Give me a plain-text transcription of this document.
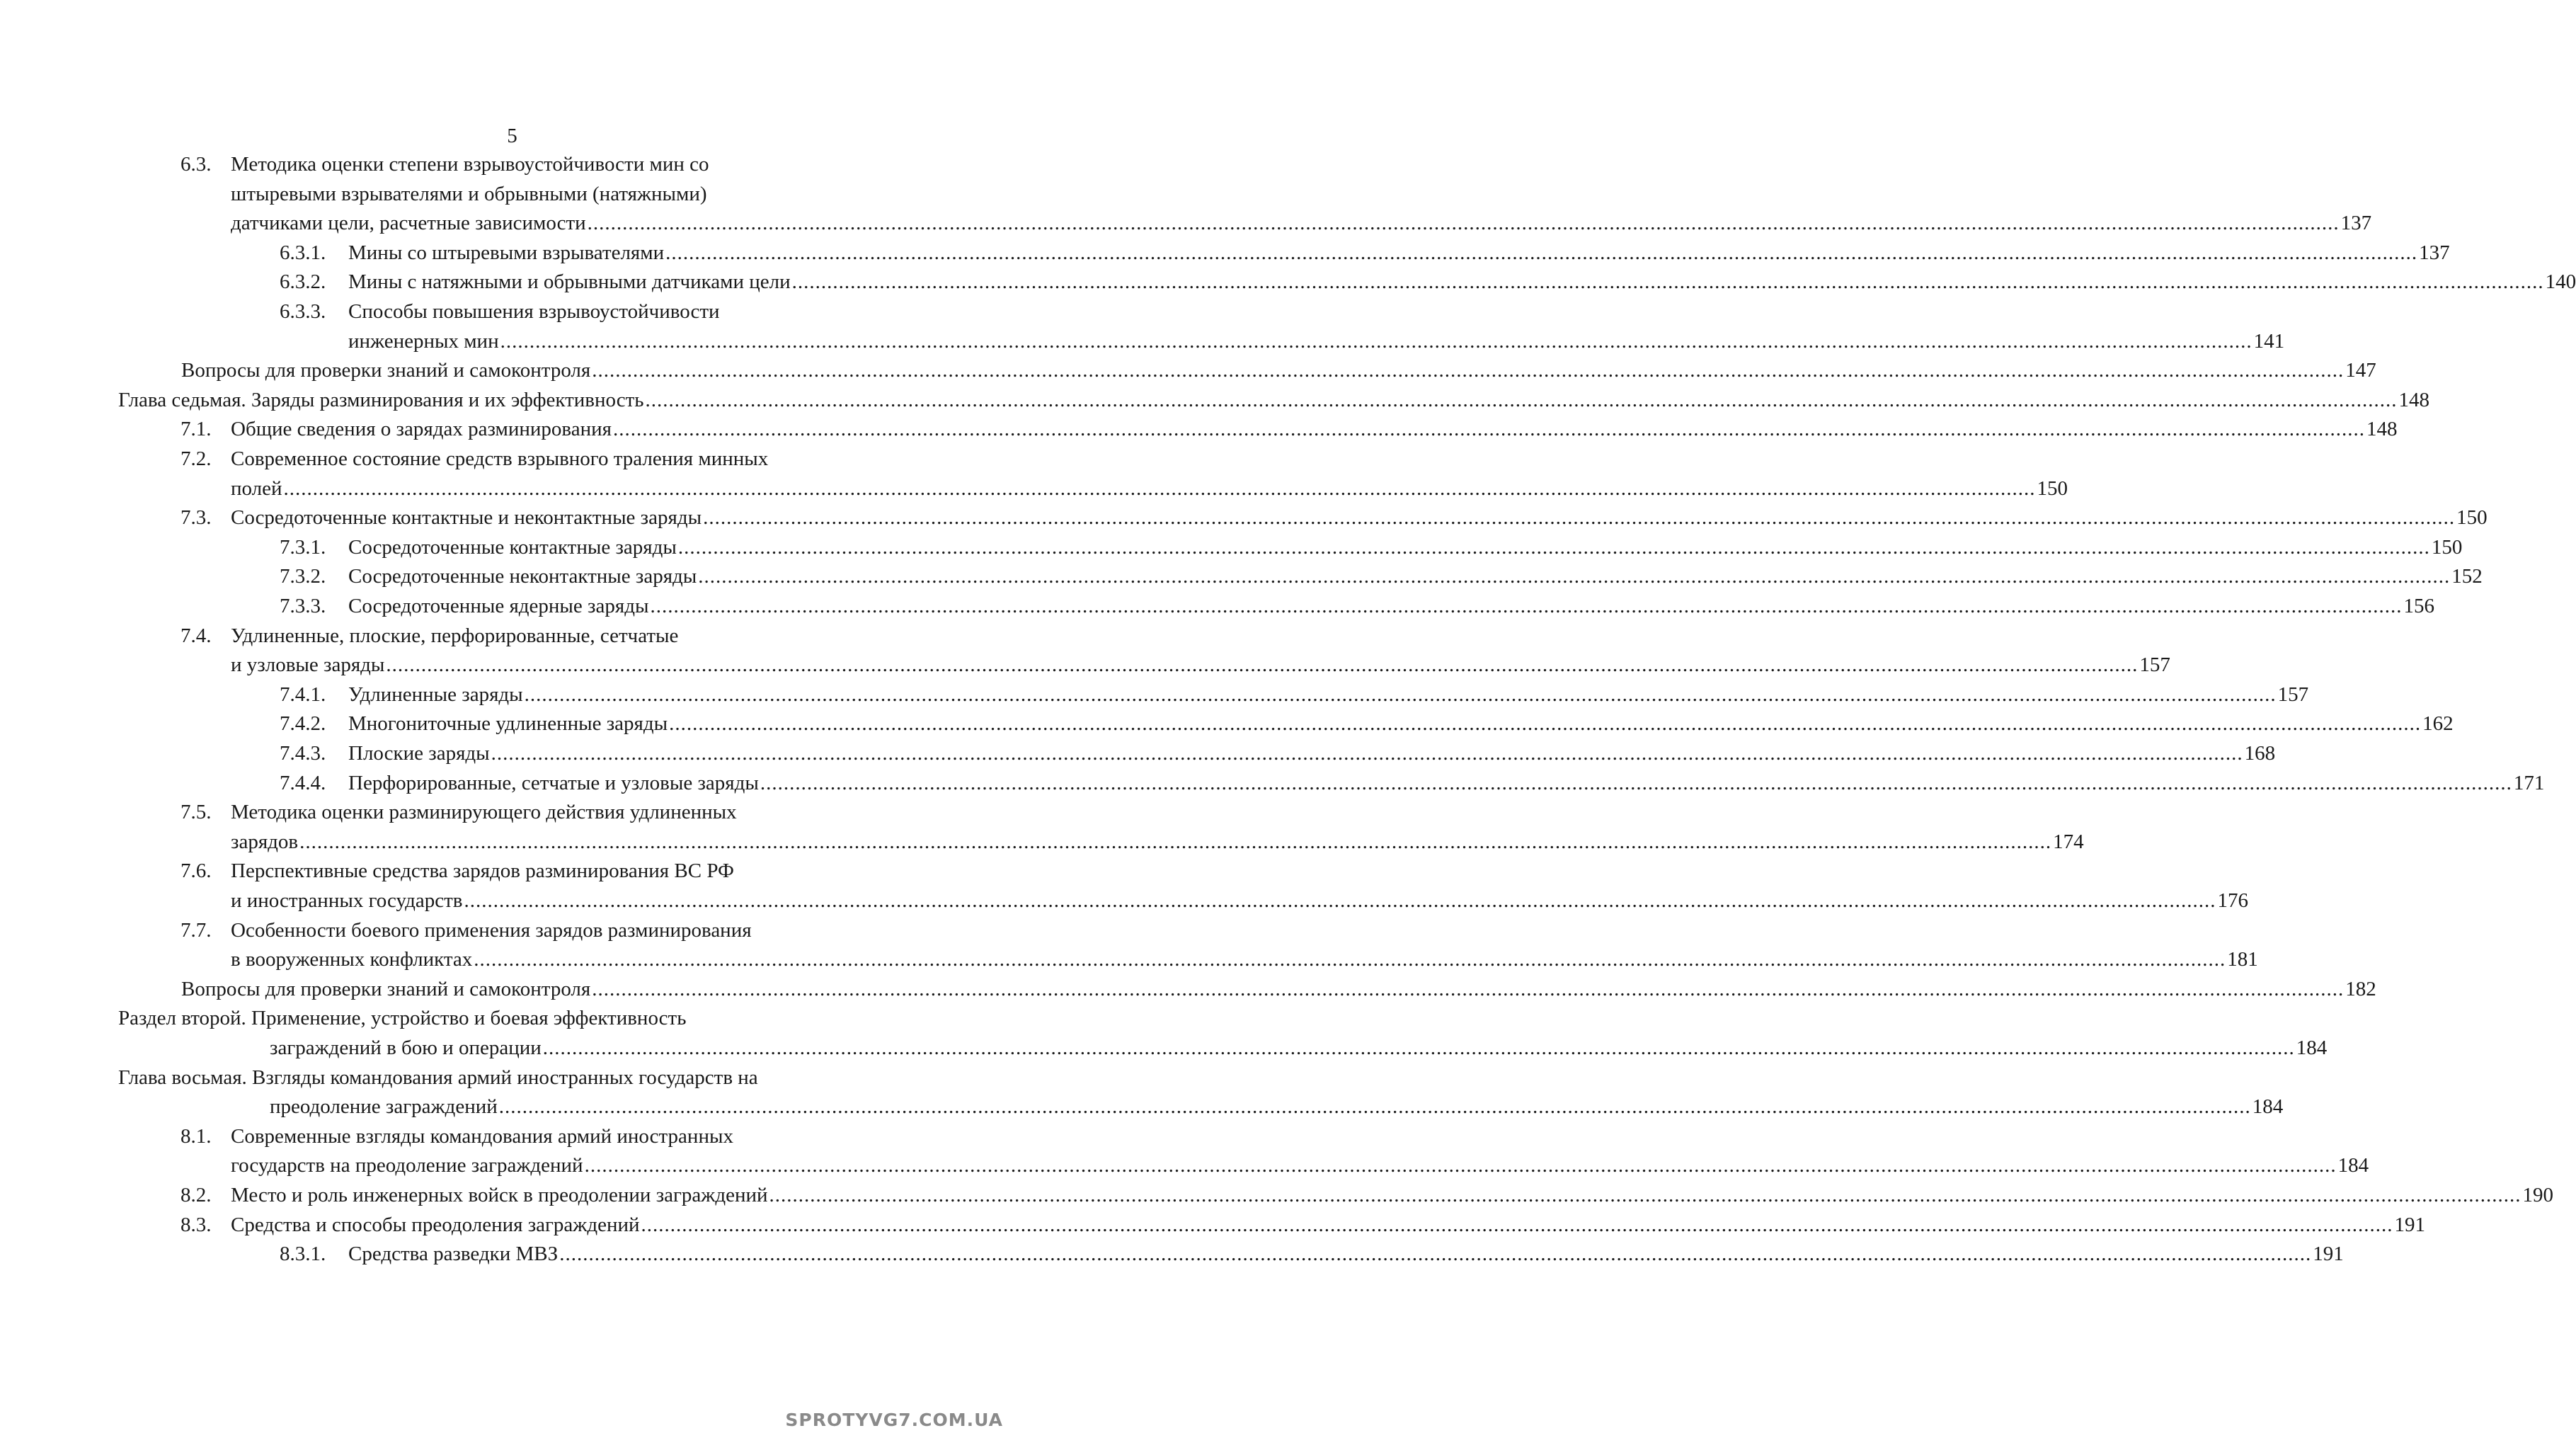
5
6.3. Методика оценки степени взрывоустойчивости мин со
штыревыми взрывателями и обрывными (натяжными)
датчиками цели, расчетные зависимости ............................................................................................................................................................................................................................................................................................................ 137
6.3.1. Мины со штыревыми взрывателями ............................................................................................................................................................................................................................................................................................................ 137
6.3.2. Мины с натяжными и обрывными датчиками цели ............................................................................................................................................................................................................................................................................................................ 140
6.3.3. Способы повышения взрывоустойчивости
инженерных мин ............................................................................................................................................................................................................................................................................................................ 141
Вопросы для проверки знаний и самоконтроля ............................................................................................................................................................................................................................................................................................................ 147
Глава седьмая. Заряды разминирования и их эффективность ............................................................................................................................................................................................................................................................................................................ 148
7.1. Общие сведения о зарядах разминирования ............................................................................................................................................................................................................................................................................................................ 148
7.2. Современное состояние средств взрывного траления минных
полей ............................................................................................................................................................................................................................................................................................................ 150
7.3. Сосредоточенные контактные и неконтактные заряды ............................................................................................................................................................................................................................................................................................................ 150
7.3.1. Сосредоточенные контактные заряды ............................................................................................................................................................................................................................................................................................................ 150
7.3.2. Сосредоточенные неконтактные заряды ............................................................................................................................................................................................................................................................................................................ 152
7.3.3. Сосредоточенные ядерные заряды ............................................................................................................................................................................................................................................................................................................ 156
7.4. Удлиненные, плоские, перфорированные, сетчатые
и узловые заряды ............................................................................................................................................................................................................................................................................................................ 157
7.4.1. Удлиненные заряды ............................................................................................................................................................................................................................................................................................................ 157
7.4.2. Многониточные удлиненные заряды ............................................................................................................................................................................................................................................................................................................ 162
7.4.3. Плоские заряды ............................................................................................................................................................................................................................................................................................................ 168
7.4.4. Перфорированные, сетчатые и узловые заряды ............................................................................................................................................................................................................................................................................................................ 171
7.5. Методика оценки разминирующего действия удлиненных
зарядов ............................................................................................................................................................................................................................................................................................................ 174
7.6. Перспективные средства зарядов разминирования ВС РФ
и иностранных государств ............................................................................................................................................................................................................................................................................................................ 176
7.7. Особенности боевого применения зарядов разминирования
в вооруженных конфликтах ............................................................................................................................................................................................................................................................................................................ 181
Вопросы для проверки знаний и самоконтроля ............................................................................................................................................................................................................................................................................................................ 182
Раздел второй. Применение, устройство и боевая эффективность
заграждений в бою и операции ............................................................................................................................................................................................................................................................................................................ 184
Глава восьмая. Взгляды командования армий иностранных государств на
преодоление заграждений ............................................................................................................................................................................................................................................................................................................ 184
8.1. Современные взгляды командования армий иностранных
государств на преодоление заграждений ............................................................................................................................................................................................................................................................................................................ 184
8.2. Место и роль инженерных войск в преодолении заграждений ............................................................................................................................................................................................................................................................................................................ 190
8.3. Средства и способы преодоления заграждений ............................................................................................................................................................................................................................................................................................................ 191
8.3.1. Средства разведки МВЗ ............................................................................................................................................................................................................................................................................................................ 191
SPROTYVG7.COM.UA
